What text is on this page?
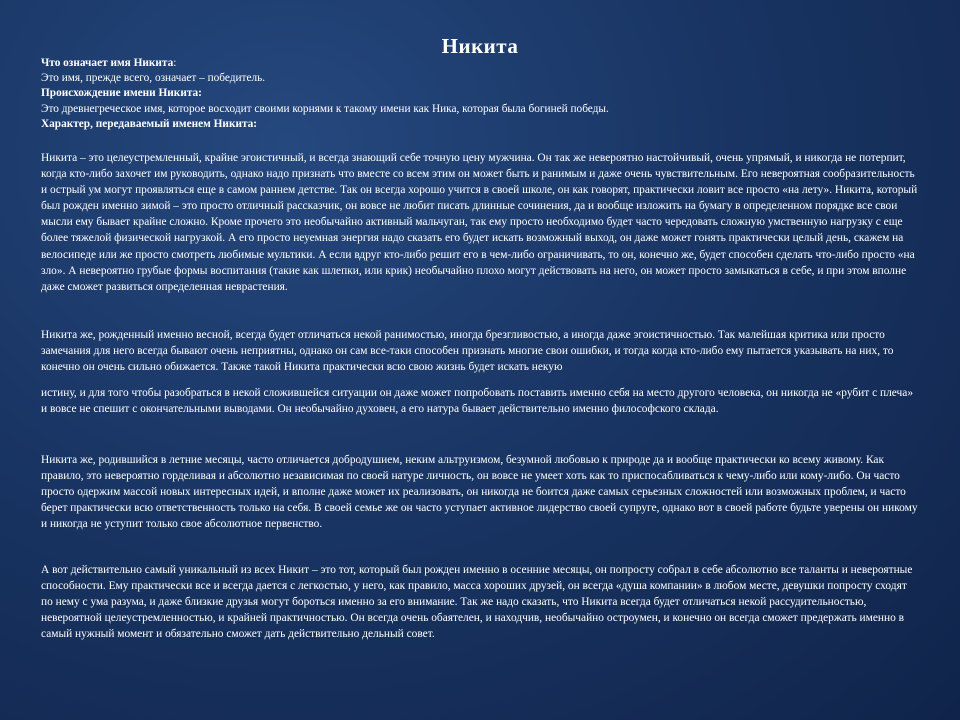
Никита
Что означает имя Никита:
Это имя, прежде всего, означает – победитель.
Происхождение имени Никита:
Это древнегреческое имя, которое восходит своими корнями к такому имени как Ника, которая была богиней победы.
Характер, передаваемый именем Никита:
Никита – это целеустремленный, крайне эгоистичный, и всегда знающий себе точную цену мужчина. Он так же невероятно настойчивый, очень упрямый, и никогда не потерпит, когда кто-либо захочет им руководить, однако надо признать что вместе со всем этим он может быть и ранимым и даже очень чувствительным. Его невероятная сообразительность и острый ум могут проявляться еще в самом раннем детстве. Так он всегда хорошо учится в своей школе, он как говорят, практически ловит все просто «на лету». Никита, который был рожден именно зимой – это просто отличный рассказчик, он вовсе не любит писать длинные сочинения, да и вообще изложить на бумагу в определенном порядке все свои мысли ему бывает крайне сложно. Кроме прочего это необычайно активный мальчуган, так ему просто необходимо будет часто чередовать сложную умственную нагрузку с еще более тяжелой физической нагрузкой. А его просто неуемная энергия надо сказать его будет искать возможный выход, он даже может гонять практически целый день, скажем на велосипеде или же просто смотреть любимые мультики. А если вдруг кто-либо решит его в чем-либо ограничивать, то он, конечно же, будет способен сделать что-либо просто «на зло». А невероятно грубые формы воспитания (такие как шлепки, или крик) необычайно плохо могут действовать на него, он может просто замыкаться в себе, и при этом вполне даже сможет развиться определенная неврастения.
Никита же, рожденный именно весной, всегда будет отличаться некой ранимостью, иногда брезгливостью, а иногда даже эгоистичностью. Так малейшая критика или просто замечания для него всегда бывают очень неприятны, однако он сам все-таки способен признать многие свои ошибки, и тогда когда кто-либо ему пытается указывать на них, то конечно он очень сильно обижается. Также такой Никита практически всю свою жизнь будет искать некую
истину, и для того чтобы разобраться в некой сложившейся ситуации он даже может попробовать поставить именно себя на место другого человека, он никогда не «рубит с плеча» и вовсе не спешит с окончательными выводами. Он необычайно духовен, а его натура бывает действительно именно философского склада.
Никита же, родившийся в летние месяцы, часто отличается добродушием, неким альтруизмом, безумной любовью к природе да и вообще практически ко всему живому. Как правило, это невероятно горделивая и абсолютно независимая по своей натуре личность, он вовсе не умеет хоть как то приспосабливаться к чему-либо или кому-либо. Он часто просто одержим массой новых интересных идей, и вполне даже может их реализовать, он никогда не боится даже самых серьезных сложностей или возможных проблем, и часто берет практически всю ответственность только на себя. В своей семье же он часто уступает активное лидерство своей супруге, однако вот в своей работе будьте уверены он никому и никогда не уступит только свое абсолютное первенство.
А вот действительно самый уникальный из всех Никит – это тот, который был рожден именно в осенние месяцы, он попросту собрал в себе абсолютно все таланты и невероятные способности. Ему практически все и всегда дается с легкостью, у него, как правило, масса хороших друзей, он всегда «душа компании» в любом месте, девушки попросту сходят по нему с ума разума, и даже близкие друзья могут бороться именно за его внимание. Так же надо сказать, что Никита всегда будет отличаться некой рассудительностью, невероятной целеустремленностью, и крайней практичностью. Он всегда очень обаятелен, и находчив, необычайно остроумен, и конечно он всегда сможет предержать именно в самый нужный момент и обязательно сможет дать действительно дельный совет.
